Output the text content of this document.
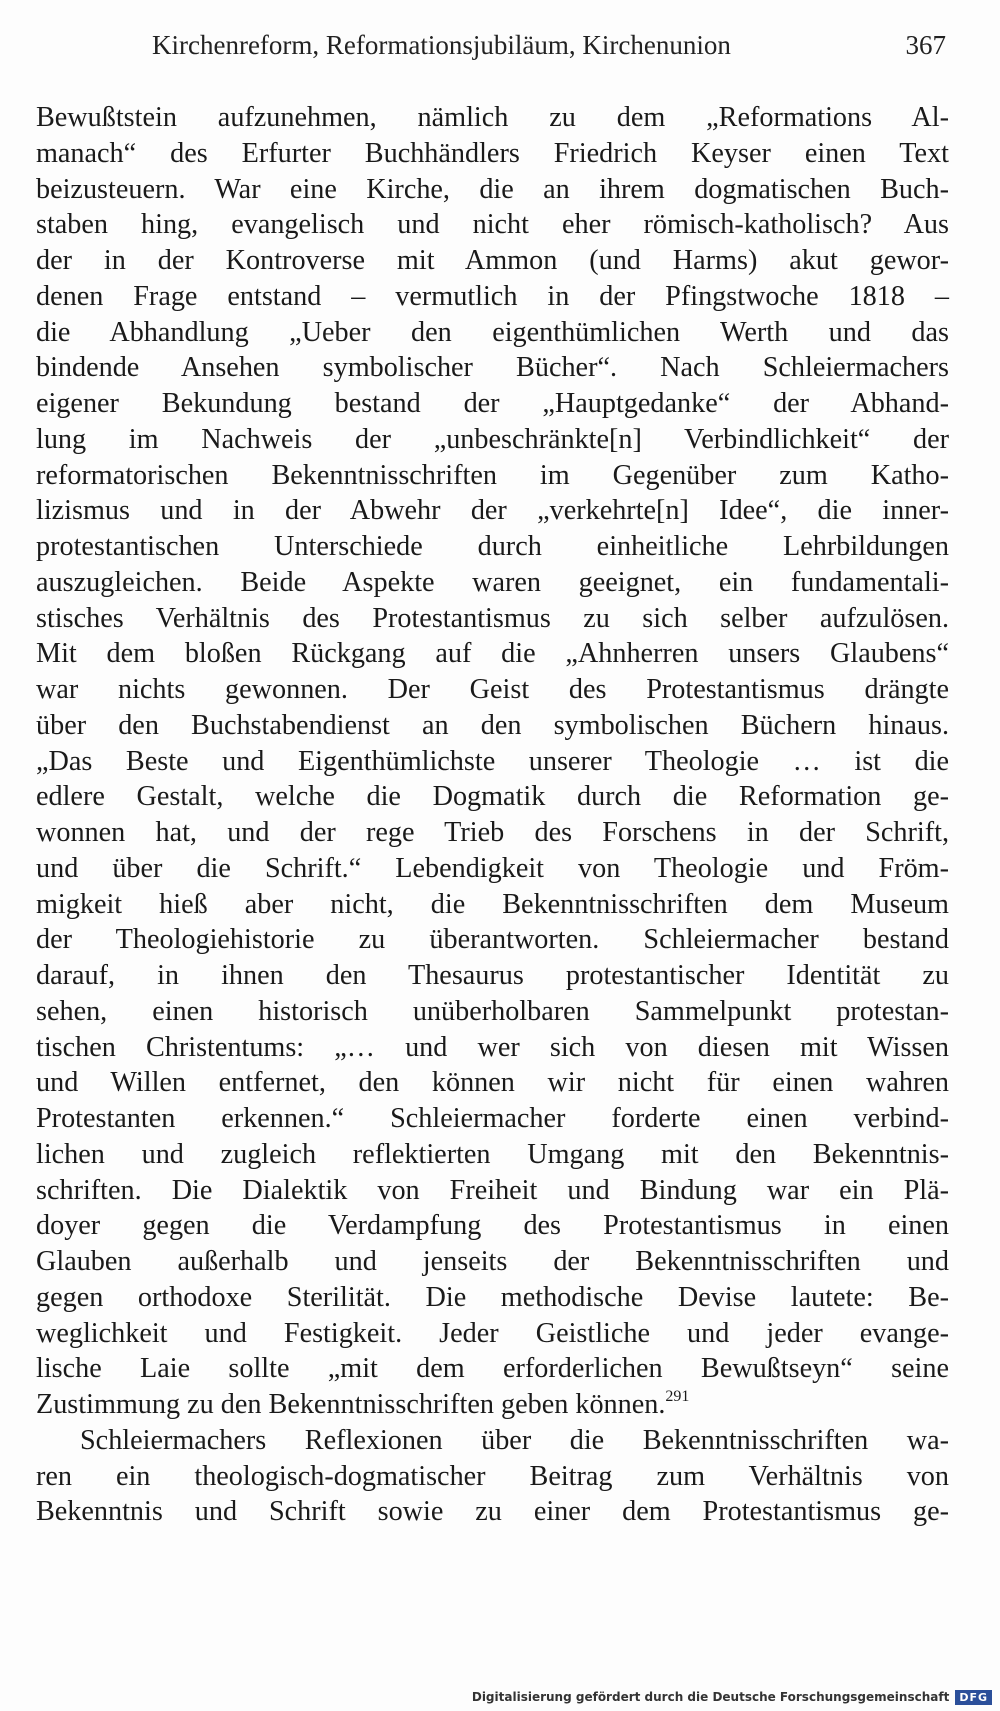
Kirchenreform, Reformationsjubiläum, Kirchenunion	367
Bewußtstein aufzunehmen, nämlich zu dem „Reformations Al-
manach“ des Erfurter Buchhändlers Friedrich Keyser einen Text
beizusteuern. War eine Kirche, die an ihrem dogmatischen Buch-
staben hing, evangelisch und nicht eher römisch-katholisch? Aus
der in der Kontroverse mit Ammon (und Harms) akut gewor-
denen Frage entstand – vermutlich in der Pfingstwoche 1818 –
die Abhandlung „Ueber den eigenthümlichen Werth und das
bindende Ansehen symbolischer Bücher“. Nach Schleiermachers
eigener Bekundung bestand der „Hauptgedanke“ der Abhand-
lung im Nachweis der „unbeschränkte[n] Verbindlichkeit“ der
reformatorischen Bekenntnisschriften im Gegenüber zum Katho-
lizismus und in der Abwehr der „verkehrte[n] Idee“, die inner-
protestantischen Unterschiede durch einheitliche Lehrbildungen
auszugleichen. Beide Aspekte waren geeignet, ein fundamentali-
stisches Verhältnis des Protestantismus zu sich selber aufzulösen.
Mit dem bloßen Rückgang auf die „Ahnherren unsers Glaubens“
war nichts gewonnen. Der Geist des Protestantismus drängte
über den Buchstabendienst an den symbolischen Büchern hinaus.
„Das Beste und Eigenthümlichste unserer Theologie … ist die
edlere Gestalt, welche die Dogmatik durch die Reformation ge-
wonnen hat, und der rege Trieb des Forschens in der Schrift,
und über die Schrift.“ Lebendigkeit von Theologie und Fröm-
migkeit hieß aber nicht, die Bekenntnisschriften dem Museum
der Theologiehistorie zu überantworten. Schleiermacher bestand
darauf, in ihnen den Thesaurus protestantischer Identität zu
sehen, einen historisch unüberholbaren Sammelpunkt protestan-
tischen Christentums: „… und wer sich von diesen mit Wissen
und Willen entfernet, den können wir nicht für einen wahren
Protestanten erkennen.“ Schleiermacher forderte einen verbind-
lichen und zugleich reflektierten Umgang mit den Bekenntnis-
schriften. Die Dialektik von Freiheit und Bindung war ein Plä-
doyer gegen die Verdampfung des Protestantismus in einen
Glauben außerhalb und jenseits der Bekenntnisschriften und
gegen orthodoxe Sterilität. Die methodische Devise lautete: Be-
weglichkeit und Festigkeit. Jeder Geistliche und jeder evange-
lische Laie sollte „mit dem erforderlichen Bewußtseyn“ seine
Zustimmung zu den Bekenntnisschriften geben können.$^{291}$
Schleiermachers Reflexionen über die Bekenntnisschriften wa-
ren ein theologisch-dogmatischer Beitrag zum Verhältnis von
Bekenntnis und Schrift sowie zu einer dem Protestantismus ge-
Digitalisierung gefördert durch die Deutsche Forschungsgemeinschaft DFG
